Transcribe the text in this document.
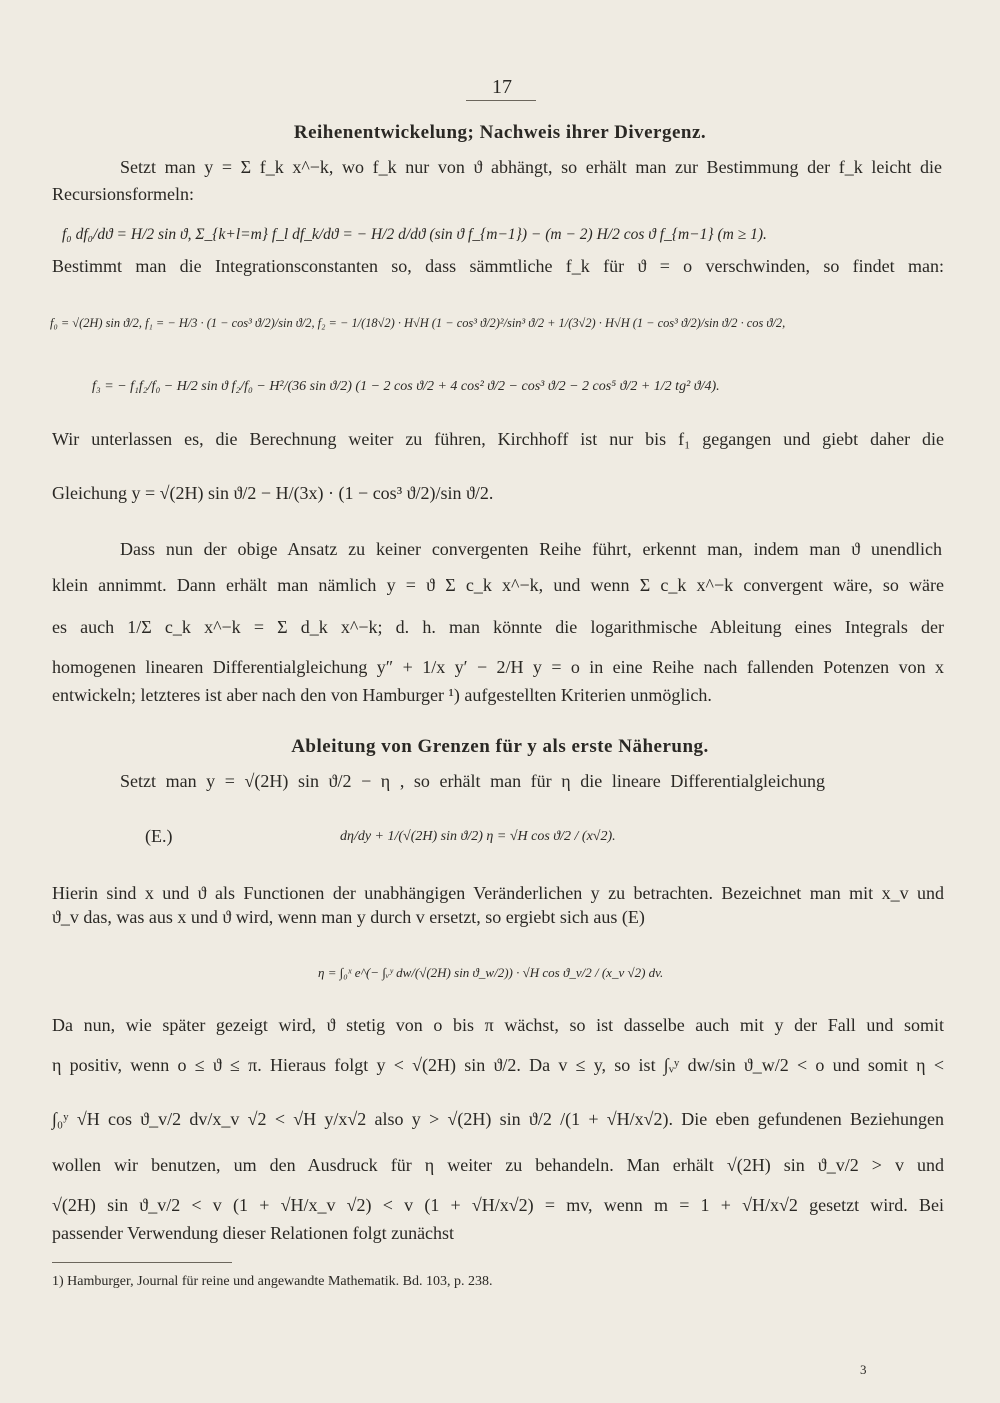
17
Reihenentwickelung; Nachweis ihrer Divergenz.
Setzt man y = Σ f_k x^−k, wo f_k nur von ϑ abhängt, so erhält man zur Bestimmung der f_k leicht die
Recursionsformeln:
f₀ df₀/dϑ = H/2 sin ϑ, Σ_{k+l=m} f_l df_k/dϑ = − H/2 d/dϑ (sin ϑ f_{m−1}) − (m − 2) H/2 cos ϑ f_{m−1} (m ≥ 1).
Bestimmt man die Integrationsconstanten so, dass sämmtliche f_k für ϑ = o verschwinden, so findet man:
f₀ = √(2H) sin ϑ/2, f₁ = − H/3 · (1 − cos³ ϑ/2)/sin ϑ/2, f₂ = − 1/(18√2) · H√H (1 − cos³ ϑ/2)²/sin³ ϑ/2 + 1/(3√2) · H√H (1 − cos³ ϑ/2)/sin ϑ/2 · cos ϑ/2,
f₃ = − f₁f₂/f₀ − H/2 sin ϑ f₂/f₀ − H²/(36 sin ϑ/2) (1 − 2 cos ϑ/2 + 4 cos² ϑ/2 − cos³ ϑ/2 − 2 cos⁵ ϑ/2 + 1/2 tg² ϑ/4).
Wir unterlassen es, die Berechnung weiter zu führen, Kirchhoff ist nur bis f₁ gegangen und giebt daher die
Gleichung y = √(2H) sin ϑ/2 − H/(3x) · (1 − cos³ ϑ/2)/sin ϑ/2.
Dass nun der obige Ansatz zu keiner convergenten Reihe führt, erkennt man, indem man ϑ unendlich
klein annimmt. Dann erhält man nämlich y = ϑ Σ c_k x^−k, und wenn Σ c_k x^−k convergent wäre, so wäre
es auch 1/Σ c_k x^−k = Σ d_k x^−k; d. h. man könnte die logarithmische Ableitung eines Integrals der
homogenen linearen Differentialgleichung y″ + 1/x y′ − 2/H y = o in eine Reihe nach fallenden Potenzen von x
entwickeln; letzteres ist aber nach den von Hamburger ¹) aufgestellten Kriterien unmöglich.
Ableitung von Grenzen für y als erste Näherung.
Setzt man y = √(2H) sin ϑ/2 − η , so erhält man für η die lineare Differentialgleichung
(E.)	dη/dy + 1/(√(2H) sin ϑ/2) η = √H cos ϑ/2 / (x√2).
Hierin sind x und ϑ als Functionen der unabhängigen Veränderlichen y zu betrachten. Bezeichnet man mit x_v und
ϑ_v das, was aus x und ϑ wird, wenn man y durch v ersetzt, so ergiebt sich aus (E)
η = ∫₀ˣ e^(− ∫ᵥʸ dw/(√(2H) sin ϑ_w/2)) · √H cos ϑ_v/2 / (x_v √2) dv.
Da nun, wie später gezeigt wird, ϑ stetig von o bis π wächst, so ist dasselbe auch mit y der Fall und somit
η positiv, wenn o ≤ ϑ ≤ π. Hieraus folgt y < √(2H) sin ϑ/2. Da v ≤ y, so ist ∫ᵥʸ dw/sin ϑ_w/2 < o und somit η <
∫₀ʸ √H cos ϑ_v/2 dv/x_v √2 < √H y/x√2 also y > √(2H) sin ϑ/2 /(1 + √H/x√2). Die eben gefundenen Beziehungen
wollen wir benutzen, um den Ausdruck für η weiter zu behandeln. Man erhält √(2H) sin ϑ_v/2 > v und
√(2H) sin ϑ_v/2 < v (1 + √H/x_v √2) < v (1 + √H/x√2) = mv, wenn m = 1 + √H/x√2 gesetzt wird. Bei
passender Verwendung dieser Relationen folgt zunächst
1) Hamburger, Journal für reine und angewandte Mathematik. Bd. 103, p. 238.
3
